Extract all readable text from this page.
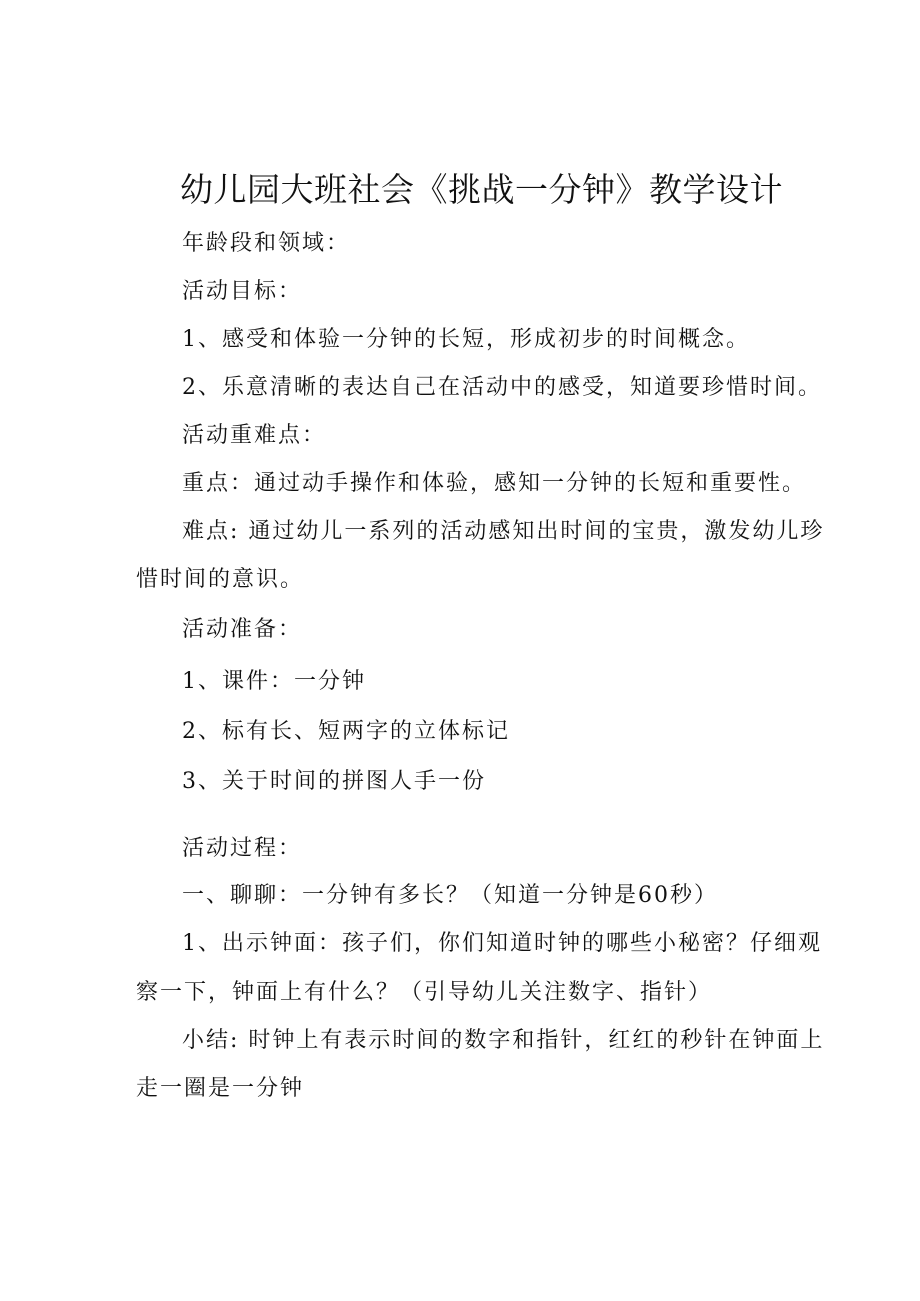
幼儿园大班社会《挑战一分钟》教学设计
年龄段和领域：
活动目标：
1、感受和体验一分钟的长短，形成初步的时间概念。
2、乐意清晰的表达自己在活动中的感受，知道要珍惜时间。
活动重难点：
重点：通过动手操作和体验，感知一分钟的长短和重要性。
难点: 通过幼儿一系列的活动感知出时间的宝贵，激发幼儿珍
惜时间的意识。
活动准备：
1、课件：一分钟
2、标有长、短两字的立体标记
3、关于时间的拼图人手一份
活动过程：
一、聊聊：一分钟有多长？（知道一分钟是60秒）
1、出示钟面：孩子们，你们知道时钟的哪些小秘密？仔细观
察一下，钟面上有什么？（引导幼儿关注数字、指针）
小结: 时钟上有表示时间的数字和指针，红红的秒针在钟面上
走一圈是一分钟
